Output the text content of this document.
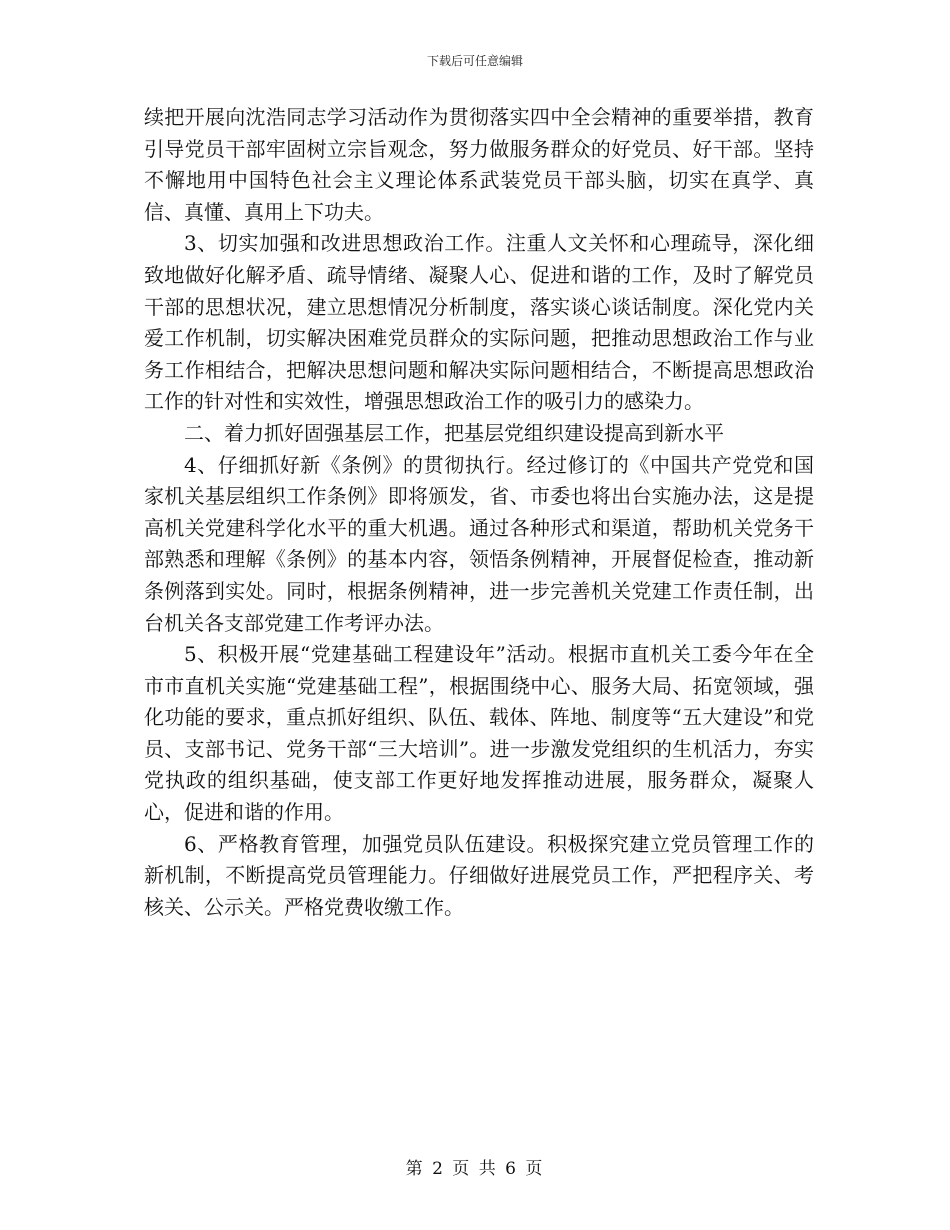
下载后可任意编辑

续把开展向沈浩同志学习活动作为贯彻落实四中全会精神的重要举措，教育引导党员干部牢固树立宗旨观念，努力做服务群众的好党员、好干部。坚持不懈地用中国特色社会主义理论体系武装党员干部头脑，切实在真学、真信、真懂、真用上下功夫。

3、切实加强和改进思想政治工作。注重人文关怀和心理疏导，深化细致地做好化解矛盾、疏导情绪、凝聚人心、促进和谐的工作，及时了解党员干部的思想状况，建立思想情况分析制度，落实谈心谈话制度。深化党内关爱工作机制，切实解决困难党员群众的实际问题，把推动思想政治工作与业务工作相结合，把解决思想问题和解决实际问题相结合，不断提高思想政治工作的针对性和实效性，增强思想政治工作的吸引力的感染力。

二、着力抓好固强基层工作，把基层党组织建设提高到新水平

4、仔细抓好新《条例》的贯彻执行。经过修订的《中国共产党党和国家机关基层组织工作条例》即将颁发，省、市委也将出台实施办法，这是提高机关党建科学化水平的重大机遇。通过各种形式和渠道，帮助机关党务干部熟悉和理解《条例》的基本内容，领悟条例精神，开展督促检查，推动新条例落到实处。同时，根据条例精神，进一步完善机关党建工作责任制，出台机关各支部党建工作考评办法。

5、积极开展“党建基础工程建设年”活动。根据市直机关工委今年在全市市直机关实施“党建基础工程”，根据围绕中心、服务大局、拓宽领域，强化功能的要求，重点抓好组织、队伍、载体、阵地、制度等“五大建设”和党员、支部书记、党务干部“三大培训”。进一步激发党组织的生机活力，夯实党执政的组织基础，使支部工作更好地发挥推动进展，服务群众，凝聚人心，促进和谐的作用。

6、严格教育管理，加强党员队伍建设。积极探究建立党员管理工作的新机制，不断提高党员管理能力。仔细做好进展党员工作，严把程序关、考核关、公示关。严格党费收缴工作。

第 2 页 共 6 页
